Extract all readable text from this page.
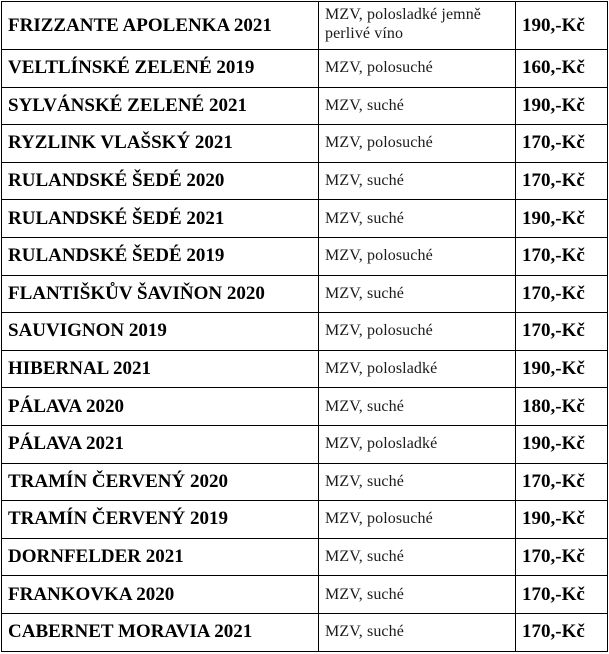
FRIZZANTE APOLENKA 2021	MZV, polosladké jemně perlivé víno	190,-Kč
VELTLÍNSKÉ ZELENÉ 2019	MZV, polosuché	160,-Kč
SYLVÁNSKÉ ZELENÉ 2021	MZV, suché	190,-Kč
RYZLINK VLAŠSKÝ 2021	MZV, polosuché	170,-Kč
RULANDSKÉ ŠEDÉ 2020	MZV, suché	170,-Kč
RULANDSKÉ ŠEDÉ 2021	MZV, suché	190,-Kč
RULANDSKÉ ŠEDÉ 2019	MZV, polosuché	170,-Kč
FLANTIŠKŮV ŠAVIŇON 2020	MZV, suché	170,-Kč
SAUVIGNON 2019	MZV, polosuché	170,-Kč
HIBERNAL 2021	MZV, polosladké	190,-Kč
PÁLAVA 2020	MZV, suché	180,-Kč
PÁLAVA 2021	MZV, polosladké	190,-Kč
TRAMÍN ČERVENÝ 2020	MZV, suché	170,-Kč
TRAMÍN ČERVENÝ 2019	MZV, polosuché	190,-Kč
DORNFELDER 2021	MZV, suché	170,-Kč
FRANKOVKA 2020	MZV, suché	170,-Kč
CABERNET MORAVIA 2021	MZV, suché	170,-Kč
